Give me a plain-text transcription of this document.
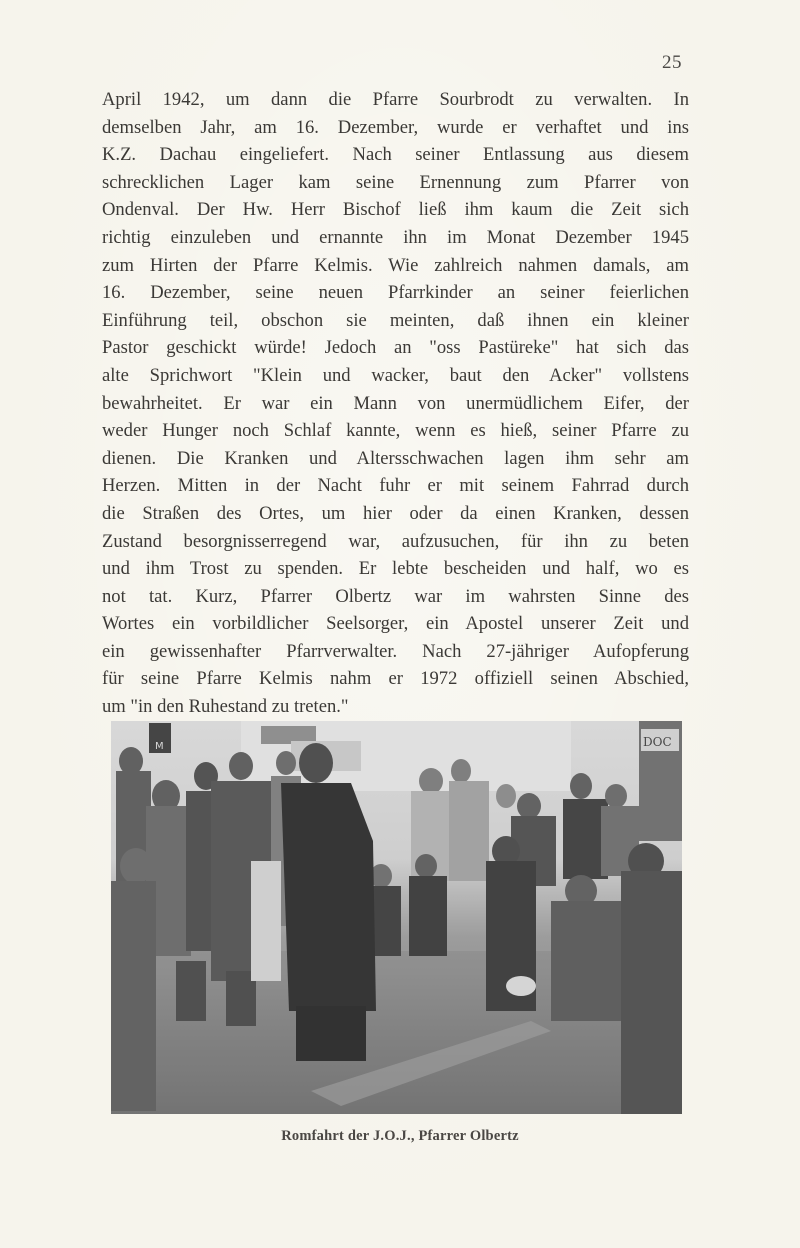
25
April 1942, um dann die Pfarre Sourbrodt zu verwalten. In
demselben Jahr, am 16. Dezember, wurde er verhaftet und ins
K.Z. Dachau eingeliefert. Nach seiner Entlassung aus diesem
schrecklichen Lager kam seine Ernennung zum Pfarrer von
Ondenval. Der Hw. Herr Bischof ließ ihm kaum die Zeit sich
richtig einzuleben und ernannte ihn im Monat Dezember 1945
zum Hirten der Pfarre Kelmis. Wie zahlreich nahmen damals, am
16. Dezember, seine neuen Pfarrkinder an seiner feierlichen
Einführung teil, obschon sie meinten, daß ihnen ein kleiner
Pastor geschickt würde! Jedoch an "oss Pastüreke" hat sich das
alte Sprichwort "Klein und wacker, baut den Acker" vollstens
bewahrheitet. Er war ein Mann von unermüdlichem Eifer, der
weder Hunger noch Schlaf kannte, wenn es hieß, seiner Pfarre zu
dienen. Die Kranken und Altersschwachen lagen ihm sehr am
Herzen. Mitten in der Nacht fuhr er mit seinem Fahrrad durch
die Straßen des Ortes, um hier oder da einen Kranken, dessen
Zustand besorgnisserregend war, aufzusuchen, für ihn zu beten
und ihm Trost zu spenden. Er lebte bescheiden und half, wo es
not tat. Kurz, Pfarrer Olbertz war im wahrsten Sinne des
Wortes ein vorbildlicher Seelsorger, ein Apostel unserer Zeit und
ein gewissenhafter Pfarrverwalter. Nach 27-jähriger Aufopferung
für seine Pfarre Kelmis nahm er 1972 offiziell seinen Abschied,
um "in den Ruhestand zu treten."
M	DOC
Romfahrt der J.O.J., Pfarrer Olbertz
